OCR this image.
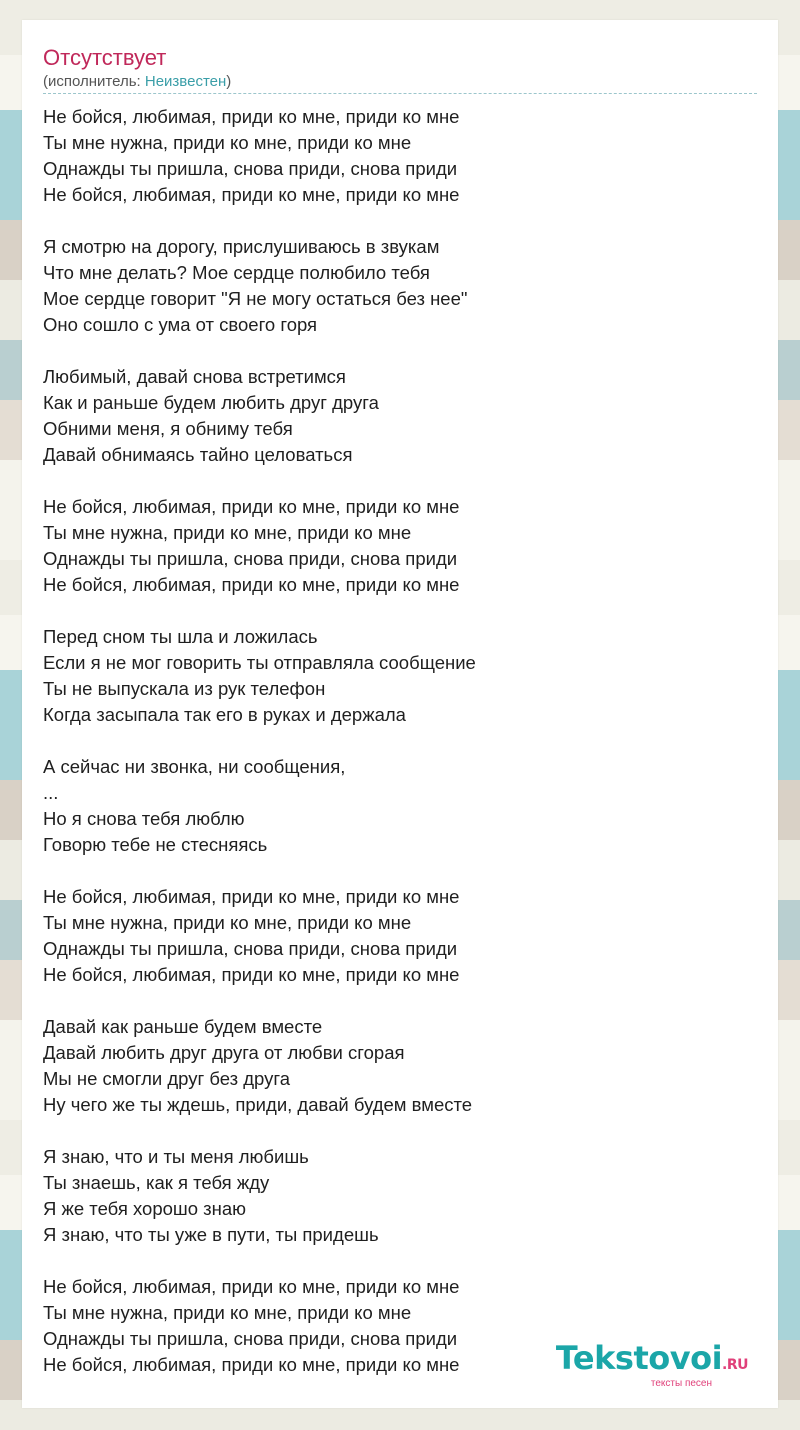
Отсутствует
(исполнитель: Неизвестен)
Не бойся, любимая, приди ко мне, приди ко мне
Ты мне нужна, приди ко мне, приди ко мне
Однажды ты пришла, снова приди, снова приди
Не бойся, любимая, приди ко мне, приди ко мне
Я смотрю на дорогу, прислушиваюсь в звукам
Что мне делать? Мое сердце полюбило тебя
Мое сердце говорит "Я не могу остаться без нее"
Оно сошло с ума от своего горя
Любимый, давай снова встретимся
Как и раньше будем любить друг друга
Обними меня, я обниму тебя
Давай обнимаясь тайно целоваться
Не бойся, любимая, приди ко мне, приди ко мне
Ты мне нужна, приди ко мне, приди ко мне
Однажды ты пришла, снова приди, снова приди
Не бойся, любимая, приди ко мне, приди ко мне
Перед сном ты шла и ложилась
Если я не мог говорить ты отправляла сообщение
Ты не выпускала из рук телефон
Когда засыпала так его в руках и держала
А сейчас ни звонка, ни сообщения,
...
Но я снова тебя люблю
Говорю тебе не стесняясь
Не бойся, любимая, приди ко мне, приди ко мне
Ты мне нужна, приди ко мне, приди ко мне
Однажды ты пришла, снова приди, снова приди
Не бойся, любимая, приди ко мне, приди ко мне
Давай как раньше будем вместе
Давай любить друг друга от любви сгорая
Мы не смогли друг без друга
Ну чего же ты ждешь, приди, давай будем вместе
Я знаю, что и ты меня любишь
Ты знаешь, как я тебя жду
Я же тебя хорошо знаю
Я знаю, что ты уже в пути, ты придешь
Не бойся, любимая, приди ко мне, приди ко мне
Ты мне нужна, приди ко мне, приди ко мне
Однажды ты пришла, снова приди, снова приди
Не бойся, любимая, приди ко мне, приди ко мне	Tekstovoi.RU
тексты песен
